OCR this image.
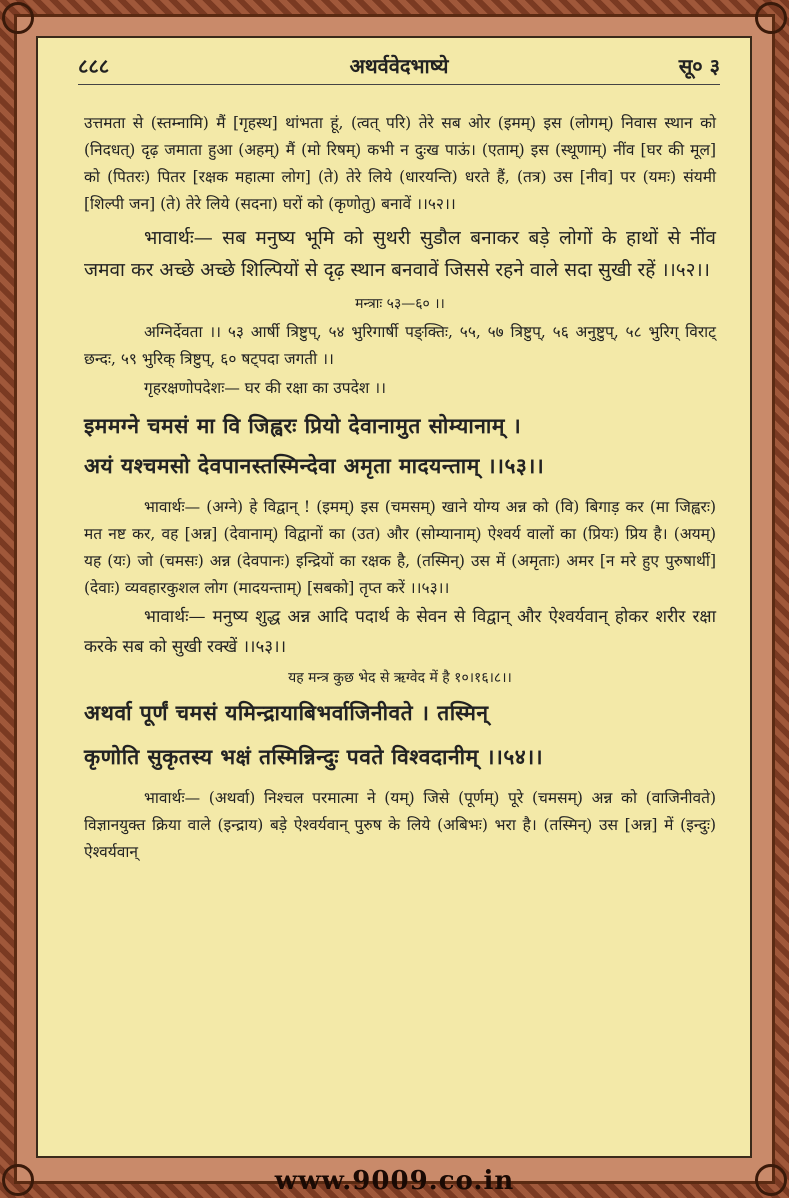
८८८	अथर्ववेदभाष्ये	सू० ३

उत्तमता से (स्तम्नामि) मैं [गृहस्थ] थांभता हूं, (त्वत् परि) तेरे सब ओर (इमम्) इस (लोगम्) निवास स्थान को (निदधत्) दृढ़ जमाता हुआ (अहम्) मैं (मो रिषम्) कभी न दुःख पाऊं। (एताम्) इस (स्थूणाम्) नींव [घर की मूल] को (पितरः) पितर [रक्षक महात्मा लोग] (ते) तेरे लिये (धारयन्ति) धरते हैं, (तत्र) उस [नीव] पर (यमः) संयमी [शिल्पी जन] (ते) तेरे लिये (सदना) घरों को (कृणोतु) बनावें ।।५२।।

भावार्थः— सब मनुष्य भूमि को सुथरी सुडौल बनाकर बड़े लोगों के हाथों से नींव जमवा कर अच्छे अच्छे शिल्पियों से दृढ़ स्थान बनवावें जिससे रहने वाले सदा सुखी रहें ।।५२।।

मन्त्राः ५३—६० ।।

अग्निर्देवता ।। ५३ आर्षी त्रिष्टुप्, ५४ भुरिगार्षी पङ्क्तिः, ५५, ५७ त्रिष्टुप्, ५६ अनुष्टुप्, ५८ भुरिग् विराट् छन्दः, ५९ भुरिक् त्रिष्टुप्, ६० षट्पदा जगती ।।

गृहरक्षणोपदेशः— घर की रक्षा का उपदेश ।।

इममग्ने चमसं मा वि जिह्वरः प्रियो देवानामुत सोम्यानाम् ।

अयं यश्चमसो देवपानस्तस्मिन्देवा अमृता मादयन्ताम् ।।५३।।

भावार्थः— (अग्ने) हे विद्वान् ! (इमम्) इस (चमसम्) खाने योग्य अन्न को (वि) बिगाड़ कर (मा जिह्वरः) मत नष्ट कर, वह [अन्न] (देवानाम्) विद्वानों का (उत) और (सोम्यानाम्) ऐश्वर्य वालों का (प्रियः) प्रिय है। (अयम्) यह (यः) जो (चमसः) अन्न (देवपानः) इन्द्रियों का रक्षक है, (तस्मिन्) उस में (अमृताः) अमर [न मरे हुए पुरुषार्थी] (देवाः) व्यवहारकुशल लोग (मादयन्ताम्) [सबको] तृप्त करें ।।५३।।

भावार्थः— मनुष्य शुद्ध अन्न आदि पदार्थ के सेवन से विद्वान् और ऐश्वर्यवान् होकर शरीर रक्षा करके सब को सुखी रक्खें ।।५३।।

यह मन्त्र कुछ भेद से ऋग्वेद में है १०।१६।८।।

अथर्वा पूर्णं चमसं यमिन्द्रायाबिभर्वाजिनीवते । तस्मिन्

कृणोति सुकृतस्य भक्षं तस्मिन्निन्दुः पवते विश्वदानीम् ।।५४।।

भावार्थः— (अथर्वा) निश्चल परमात्मा ने (यम्) जिसे (पूर्णम्) पूरे (चमसम्) अन्न को (वाजिनीवते) विज्ञानयुक्त क्रिया वाले (इन्द्राय) बड़े ऐश्वर्यवान् पुरुष के लिये (अबिभः) भरा है। (तस्मिन्) उस [अन्न] में (इन्दुः) ऐश्वर्यवान्

www.9009.co.in
